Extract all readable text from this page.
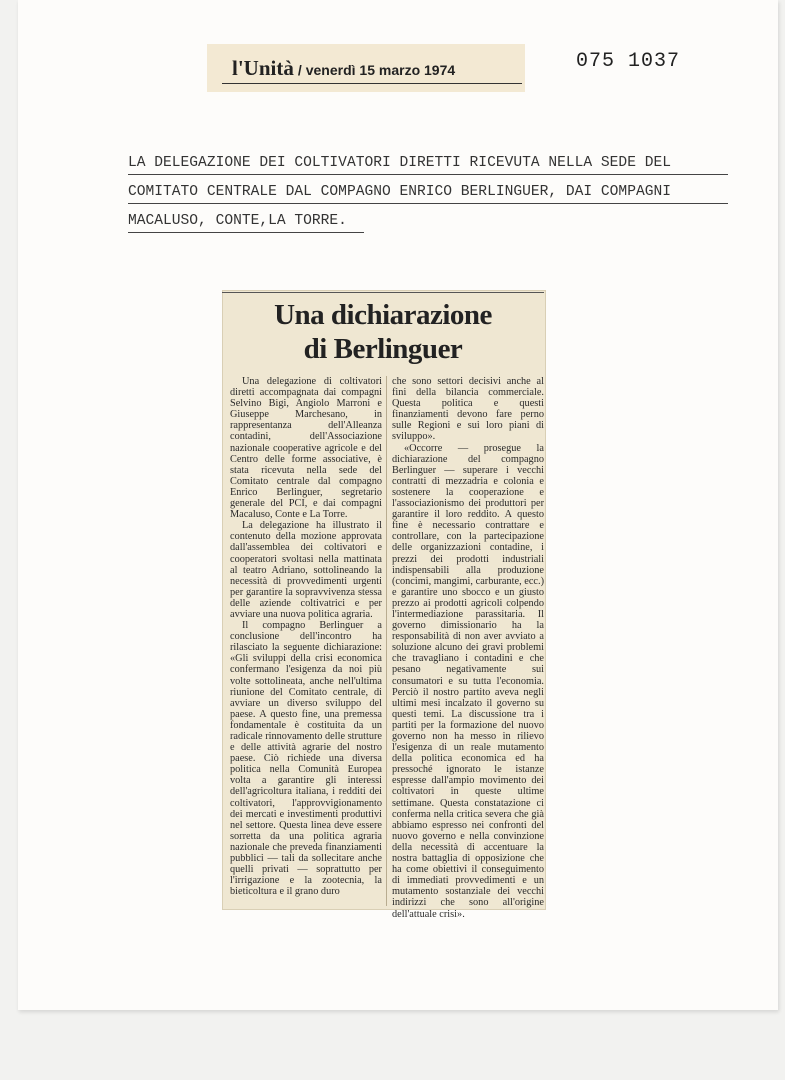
l'Unità / venerdì 15 marzo 1974	075 1037
LA DELEGAZIONE DEI COLTIVATORI DIRETTI RICEVUTA NELLA SEDE DEL
COMITATO CENTRALE DAL COMPAGNO ENRICO BERLINGUER, DAI COMPAGNI
MACALUSO, CONTE,LA TORRE.
Una dichiarazione di Berlinguer

Una delegazione di coltivatori diretti accompagnata dai compagni Selvino Bigi, Angiolo Marroni e Giuseppe Marchesano, in rappresentanza dell'Alleanza contadini, dell'Associazione nazionale cooperative agricole e del Centro delle forme associative, è stata ricevuta nella sede del Comitato centrale dal compagno Enrico Berlinguer, segretario generale del PCI, e dai compagni Macaluso, Conte e La Torre.

La delegazione ha illustrato il contenuto della mozione approvata dall'assemblea dei coltivatori e cooperatori svoltasi nella mattinata al teatro Adriano, sottolineando la necessità di provvedimenti urgenti per garantire la sopravvivenza stessa delle aziende coltivatrici e per avviare una nuova politica agraria.

Il compagno Berlinguer a conclusione dell'incontro ha rilasciato la seguente dichiarazione: «Gli sviluppi della crisi economica confermano l'esigenza da noi più volte sottolineata, anche nell'ultima riunione del Comitato centrale, di avviare un diverso sviluppo del paese. A questo fine, una premessa fondamentale è costituita da un radicale rinnovamento delle strutture e delle attività agrarie del nostro paese. Ciò richiede una diversa politica nella Comunità Europea volta a garantire gli interessi dell'agricoltura italiana, i redditi dei coltivatori, l'approvvigionamento dei mercati e investimenti produttivi nel settore. Questa linea deve essere sorretta da una politica agraria nazionale che preveda finanziamenti pubblici — tali da sollecitare anche quelli privati — soprattutto per l'irrigazione e la zootecnia, la bieticoltura e il grano duro

che sono settori decisivi anche al fini della bilancia commerciale. Questa politica e questi finanziamenti devono fare perno sulle Regioni e sui loro piani di sviluppo».

«Occorre — prosegue la dichiarazione del compagno Berlinguer — superare i vecchi contratti di mezzadria e colonia e sostenere la cooperazione e l'associazionismo dei produttori per garantire il loro reddito. A questo fine è necessario contrattare e controllare, con la partecipazione delle organizzazioni contadine, i prezzi dei prodotti industriali indispensabili alla produzione (concimi, mangimi, carburante, ecc.) e garantire uno sbocco e un giusto prezzo ai prodotti agricoli colpendo l'intermediazione parassitaria. Il governo dimissionario ha la responsabilità di non aver avviato a soluzione alcuno dei gravi problemi che travagliano i contadini e che pesano negativamente sui consumatori e su tutta l'economia. Perciò il nostro partito aveva negli ultimi mesi incalzato il governo su questi temi. La discussione tra i partiti per la formazione del nuovo governo non ha messo in rilievo l'esigenza di un reale mutamento della politica economica ed ha pressoché ignorato le istanze espresse dall'ampio movimento dei coltivatori in queste ultime settimane. Questa constatazione ci conferma nella critica severa che già abbiamo espresso nei confronti del nuovo governo e nella convinzione della necessità di accentuare la nostra battaglia di opposizione che ha come obiettivi il conseguimento di immediati provvedimenti e un mutamento sostanziale dei vecchi indirizzi che sono all'origine dell'attuale crisi».
